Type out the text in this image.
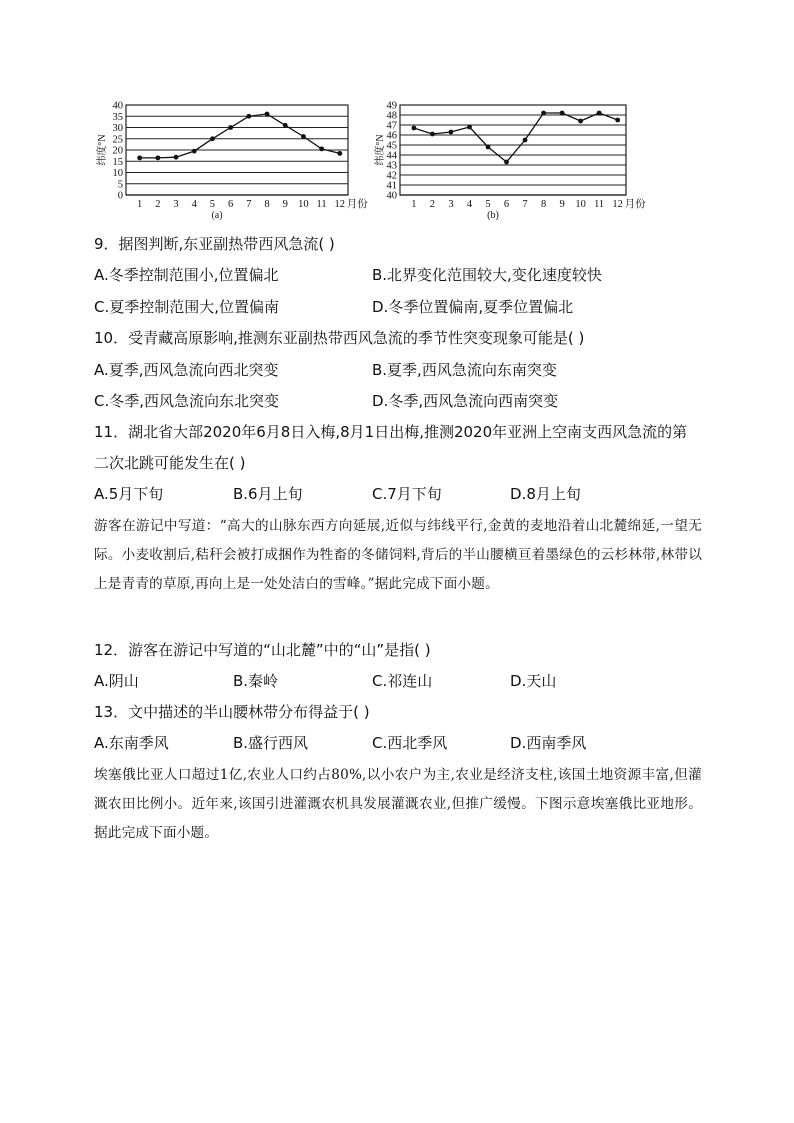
0
5
10
15
20
25
30
35
40
纬度°N
1 2 3 4 5 6 7 8 9 10 11 12 月份
(a)
40
41
42
43
44
45
46
47
48
49
纬度°N
1 2 3 4 5 6 7 8 9 10 11 12 月份
(b)
9．据图判断,东亚副热带西风急流( )
A.冬季控制范围小,位置偏北	B.北界变化范围较大,变化速度较快
C.夏季控制范围大,位置偏南	D.冬季位置偏南,夏季位置偏北
10．受青藏高原影响,推测东亚副热带西风急流的季节性突变现象可能是( )
A.夏季,西风急流向西北突变	B.夏季,西风急流向东南突变
C.冬季,西风急流向东北突变	D.冬季,西风急流向西南突变
11．湖北省大部2020年6月8日入梅,8月1日出梅,推测2020年亚洲上空南支西风急流的第
二次北跳可能发生在( )
A.5月下旬	B.6月上旬	C.7月下旬	D.8月上旬
游客在游记中写道：“高大的山脉东西方向延展,近似与纬线平行,金黄的麦地沿着山北麓绵延,一望无际。小麦收割后,秸秆会被打成捆作为牲畜的冬储饲料,背后的半山腰横亘着墨绿色的云杉林带,林带以上是青青的草原,再向上是一处处洁白的雪峰。”据此完成下面小题。
12．游客在游记中写道的“山北麓”中的“山”是指( )
A.阴山	B.秦岭	C.祁连山	D.天山
13．文中描述的半山腰林带分布得益于( )
A.东南季风	B.盛行西风	C.西北季风	D.西南季风
埃塞俄比亚人口超过1亿,农业人口约占80%,以小农户为主,农业是经济支柱,该国土地资源丰富,但灌溉农田比例小。近年来,该国引进灌溉农机具发展灌溉农业,但推广缓慢。下图示意埃塞俄比亚地形。据此完成下面小题。
